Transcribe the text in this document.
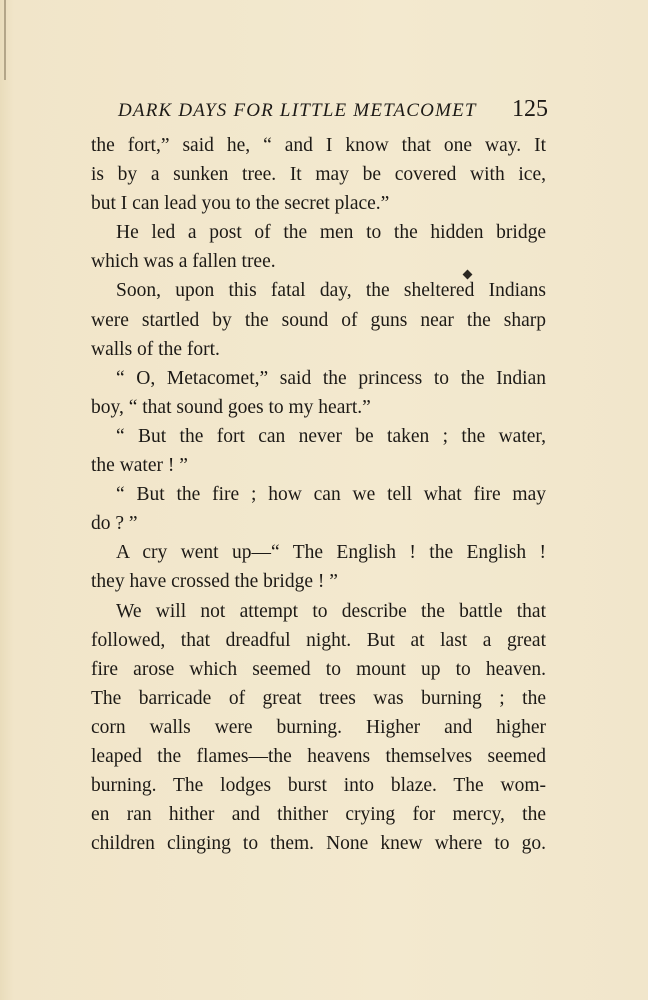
DARK DAYS FOR LITTLE METACOMET 125
the fort,” said he, “ and I know that one way. It
is by a sunken tree. It may be covered with ice,
but I can lead you to the secret place.”
He led a post of the men to the hidden bridge
which was a fallen tree.
Soon, upon this fatal day, the sheltered Indians
were startled by the sound of guns near the sharp
walls of the fort.
“ O, Metacomet,” said the princess to the Indian
boy, “ that sound goes to my heart.”
“ But the fort can never be taken ; the water,
the water ! ”
“ But the fire ; how can we tell what fire may
do ? ”
A cry went up—“ The English ! the English !
they have crossed the bridge ! ”
We will not attempt to describe the battle that
followed, that dreadful night. But at last a great
fire arose which seemed to mount up to heaven.
The barricade of great trees was burning ; the
corn walls were burning. Higher and higher
leaped the flames—the heavens themselves seemed
burning. The lodges burst into blaze. The wom-
en ran hither and thither crying for mercy, the
children clinging to them. None knew where to go.
